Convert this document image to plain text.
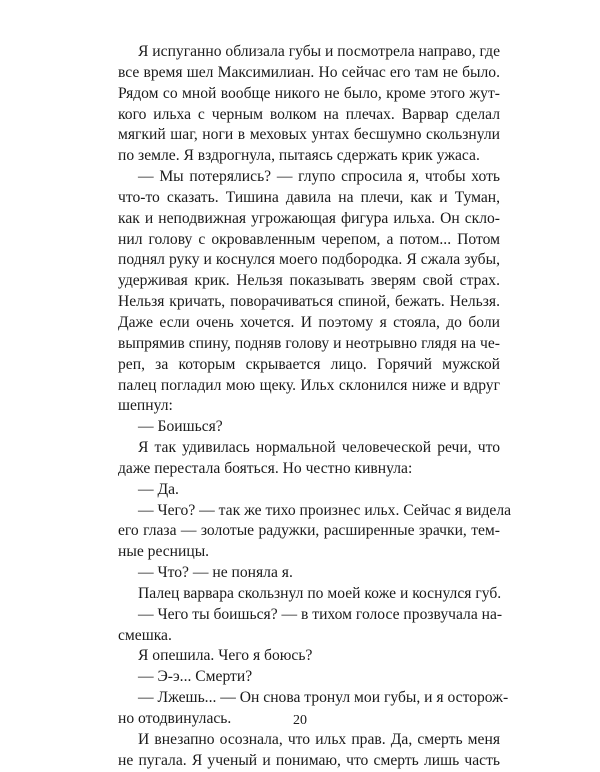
Я испуганно облизала губы и посмотрела направо, где
все время шел Максимилиан. Но сейчас его там не было.
Рядом со мной вообще никого не было, кроме этого жут-
кого ильха с черным волком на плечах. Варвар сделал
мягкий шаг, ноги в меховых унтах бесшумно скользнули
по земле. Я вздрогнула, пытаясь сдержать крик ужаса.
— Мы потерялись? — глупо спросила я, чтобы хоть
что-то сказать. Тишина давила на плечи, как и Туман,
как и неподвижная угрожающая фигура ильха. Он скло-
нил голову с окровавленным черепом, а потом... Потом
поднял руку и коснулся моего подбородка. Я сжала зубы,
удерживая крик. Нельзя показывать зверям свой страх.
Нельзя кричать, поворачиваться спиной, бежать. Нельзя.
Даже если очень хочется. И поэтому я стояла, до боли
выпрямив спину, подняв голову и неотрывно глядя на че-
реп, за которым скрывается лицо. Горячий мужской
палец погладил мою щеку. Ильх склонился ниже и вдруг
шепнул:
— Боишься?
Я так удивилась нормальной человеческой речи, что
даже перестала бояться. Но честно кивнула:
— Да.
— Чего? — так же тихо произнес ильх. Сейчас я видела
его глаза — золотые радужки, расширенные зрачки, тем-
ные ресницы.
— Что? — не поняла я.
Палец варвара скользнул по моей коже и коснулся губ.
— Чего ты боишься? — в тихом голосе прозвучала на-
смешка.
Я опешила. Чего я боюсь?
— Э-э... Смерти?
— Лжешь... — Он снова тронул мои губы, и я осторож-
но отодвинулась.
И внезапно осознала, что ильх прав. Да, смерть меня
не пугала. Я ученый и понимаю, что смерть лишь часть
20
